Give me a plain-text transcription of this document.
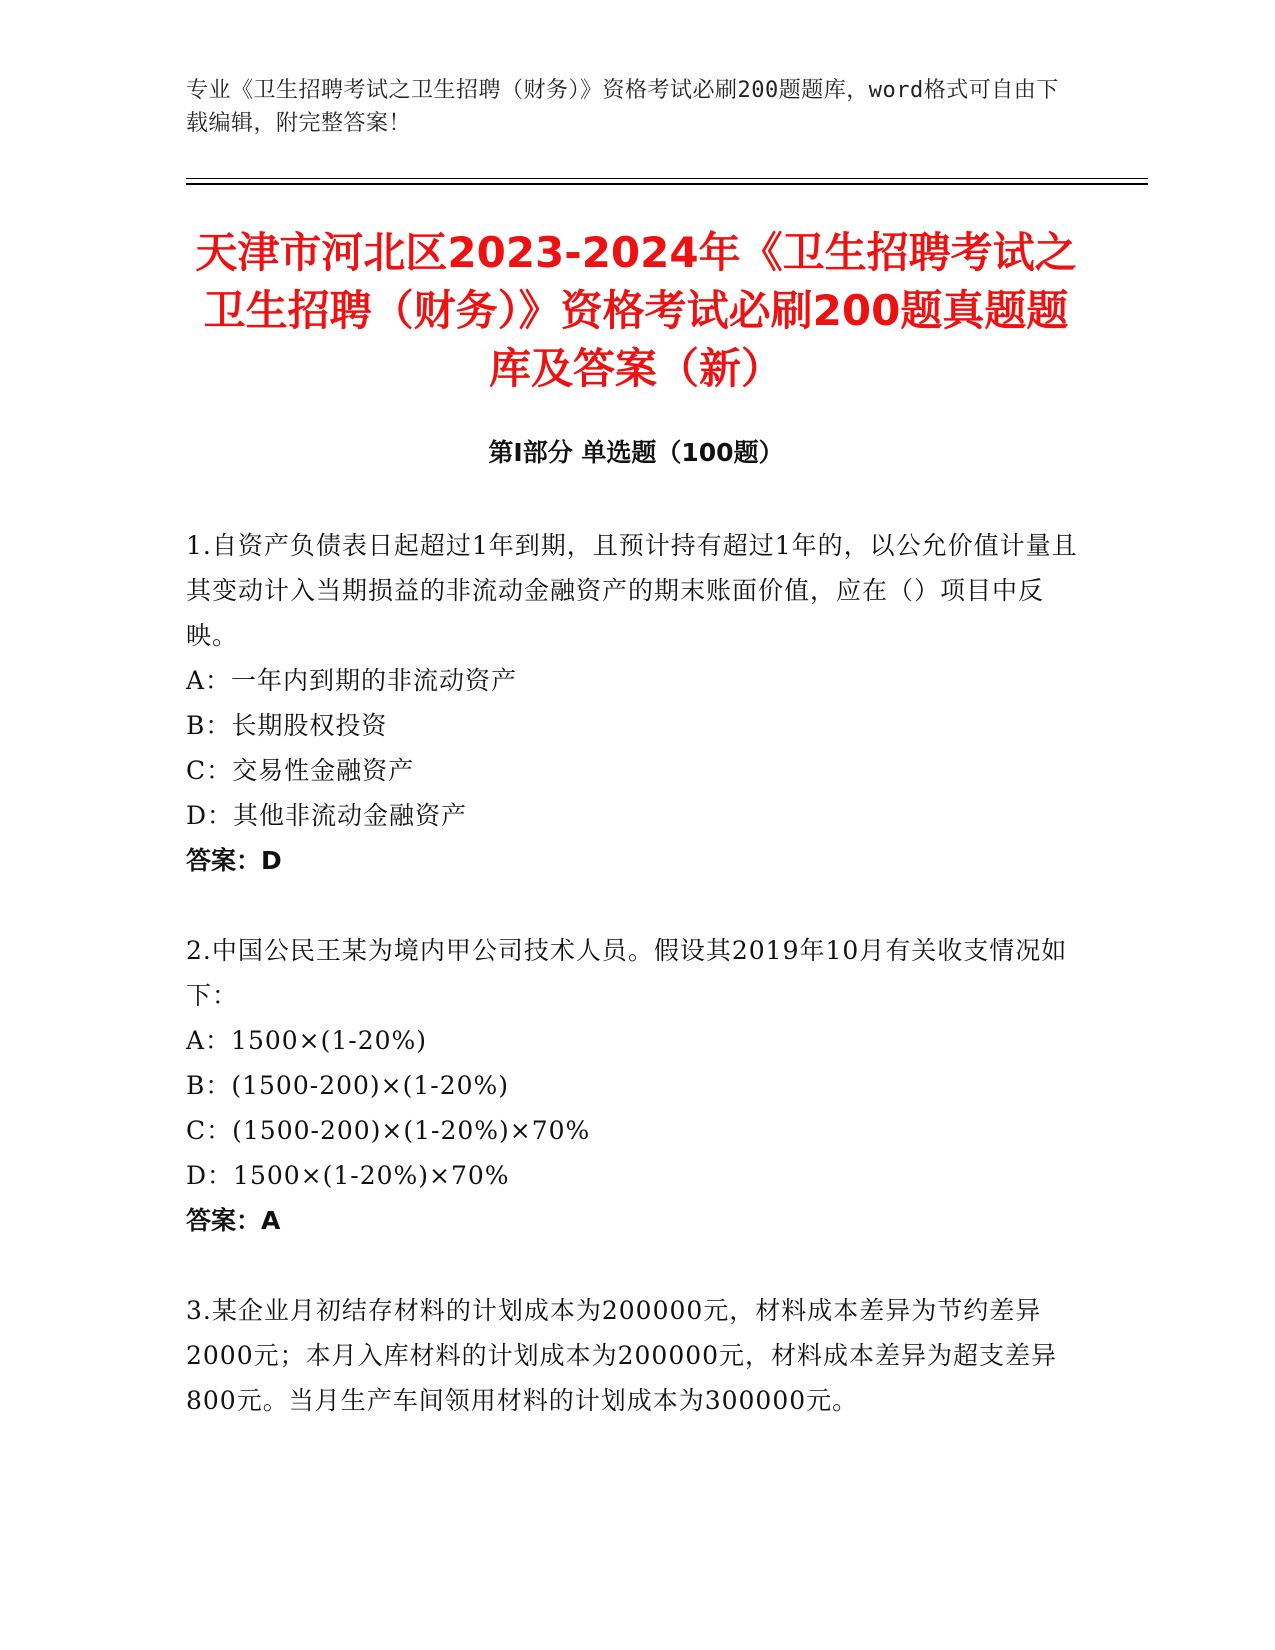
专业《卫生招聘考试之卫生招聘（财务）》资格考试必刷200题题库，word格式可自由下载编辑，附完整答案！
天津市河北区2023-2024年《卫生招聘考试之卫生招聘（财务）》资格考试必刷200题真题题库及答案（新）
第Ⅰ部分 单选题（100题）

1.自资产负债表日起超过1年到期，且预计持有超过1年的，以公允价值计量且其变动计入当期损益的非流动金融资产的期末账面价值，应在（）项目中反映。

A：一年内到期的非流动资产

B：长期股权投资

C：交易性金融资产

D：其他非流动金融资产

答案：D

2.中国公民王某为境内甲公司技术人员。假设其2019年10月有关收支情况如下：

A：1500×(1-20%)

B：(1500-200)×(1-20%)

C：(1500-200)×(1-20%)×70%

D：1500×(1-20%)×70%

答案：A

3.某企业月初结存材料的计划成本为200000元，材料成本差异为节约差异2000元；本月入库材料的计划成本为200000元，材料成本差异为超支差异800元。当月生产车间领用材料的计划成本为300000元。
